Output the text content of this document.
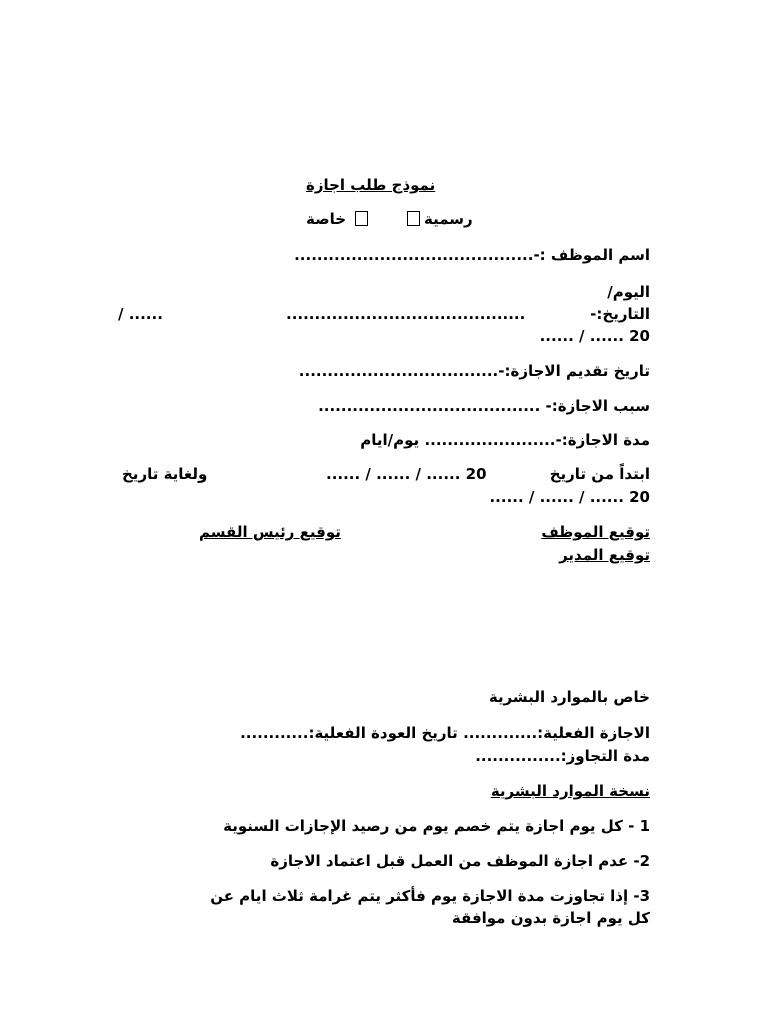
نموذج طلب اجازة
خاصة	رسمية
اسم الموظف :-..........................................
اليوم/
التاريخ:-
..........................................
...... /
...... / ...... 20
تاريخ تقديم الاجازة:-...................................
سبب الاجازة:- .......................................
مدة الاجازة:-....................... يوم/ايام
ابتداً من تاريخ
...... / ...... / ...... 20
ولغاية تاريخ
...... / ...... / ...... 20
توقيع الموظف
توقيع رئيس القسم
توقيع المدير
خاص بالموارد البشرية
الاجازة الفعلية:............. تاريخ العودة الفعلية:............
مدة التجاوز:...............
نسخة الموارد البشرية
1 - كل يوم اجازة يتم خصم يوم من رصيد الإجازات السنوية
2- عدم اجازة الموظف من العمل قبل اعتماد الاجازة
3- إذا تجاوزت مدة الاجازة يوم فأكثر يتم غرامة ثلاث ايام عن
كل يوم اجازة بدون موافقة
